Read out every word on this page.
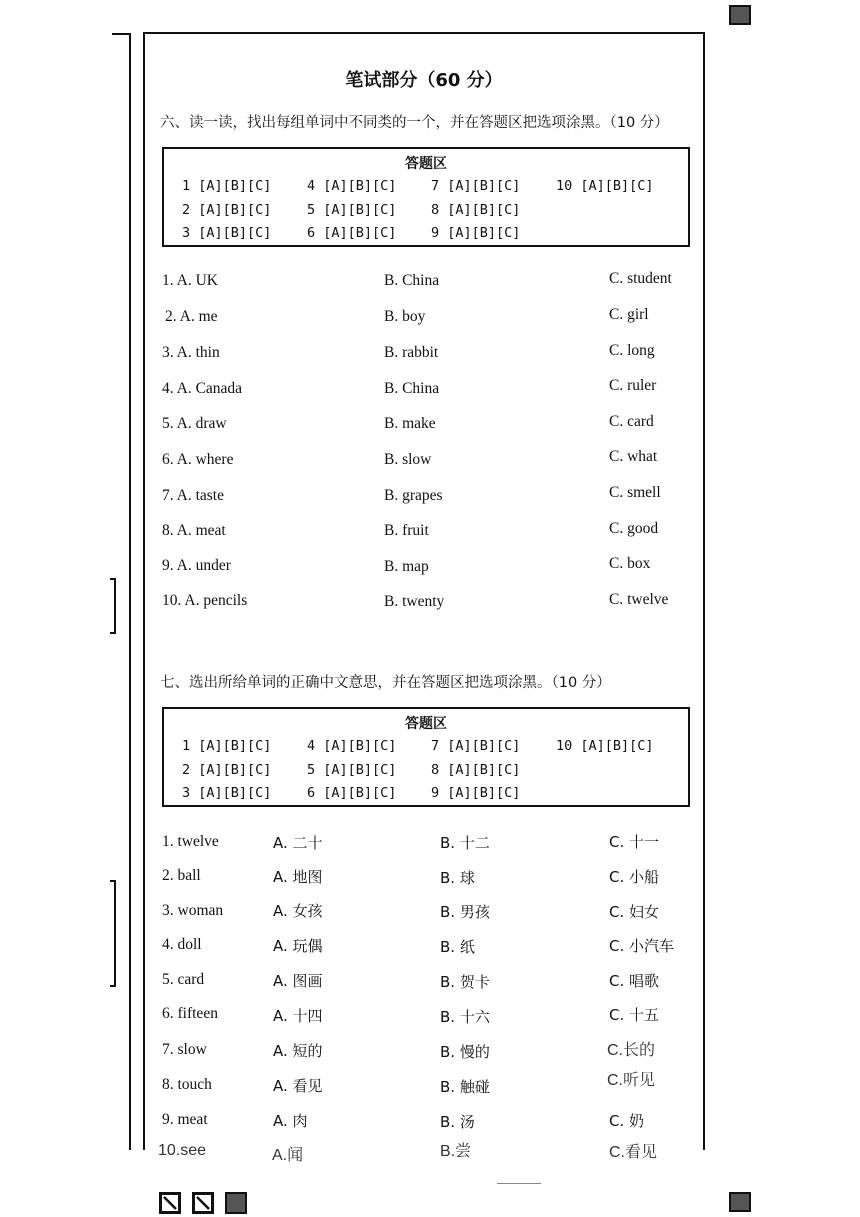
笔试部分（60 分）
六、读一读，找出每组单词中不同类的一个，并在答题区把选项涂黑。（10 分）
答题区
1 [A][B][C]	4 [A][B][C]	7 [A][B][C]	10 [A][B][C]
2 [A][B][C]	5 [A][B][C]	8 [A][B][C]
3 [A][B][C]	6 [A][B][C]	9 [A][B][C]
1. A. UK	B. China	C. student
2. A. me	B. boy	C. girl
3. A. thin	B. rabbit	C. long
4. A. Canada	B. China	C. ruler
5. A. draw	B. make	C. card
6. A. where	B. slow	C. what
7. A. taste	B. grapes	C. smell
8. A. meat	B. fruit	C. good
9. A. under	B. map	C. box
10. A. pencils	B. twenty	C. twelve
七、选出所给单词的正确中文意思，并在答题区把选项涂黑。（10 分）
答题区
1 [A][B][C]	4 [A][B][C]	7 [A][B][C]	10 [A][B][C]
2 [A][B][C]	5 [A][B][C]	8 [A][B][C]
3 [A][B][C]	6 [A][B][C]	9 [A][B][C]
1. twelve	A. 二十	B. 十二	C. 十一
2. ball	A. 地图	B. 球	C. 小船
3. woman	A. 女孩	B. 男孩	C. 妇女
4. doll	A. 玩偶	B. 纸	C. 小汽车
5. card	A. 图画	B. 贺卡	C. 唱歌
6. fifteen	A. 十四	B. 十六	C. 十五
7. slow	A. 短的	B. 慢的	C.长的
8. touch	A. 看见	B. 触碰	C.听见
9. meat	A. 肉	B. 汤	C. 奶
10.see	A.闻	B.尝	C.看见
